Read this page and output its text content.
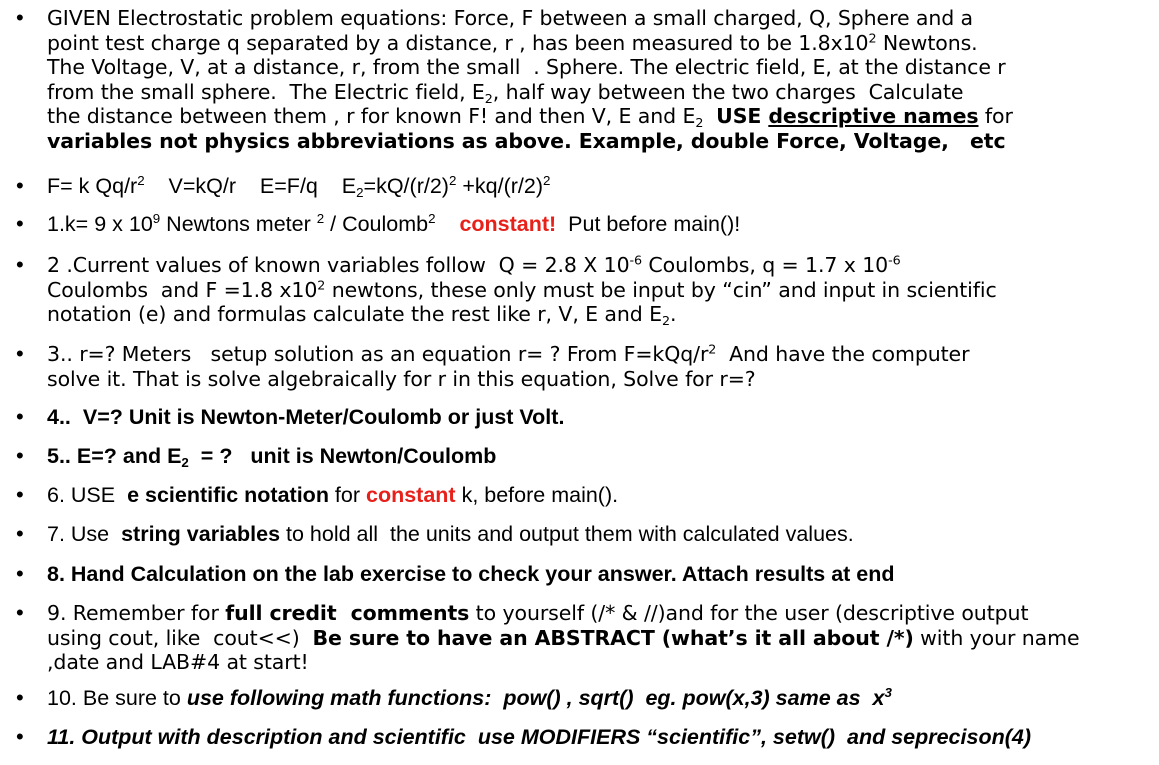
• GIVEN Electrostatic problem equations: Force, F between a small charged, Q, Sphere and a
point test charge q separated by a distance, r , has been measured to be $1.8x10^2$ Newtons.
The Voltage, V, at a distance, r, from the small  . Sphere. The electric field, E, at the distance r
from the small sphere.  The Electric field, $E_2$, half way between the two charges  Calculate
the distance between them , r for known F! and then V, E and $E_2$ USE descriptive names for
variables not physics abbreviations as above. Example, double Force, Voltage,   etc
• F= k $Qq/r^2$    V=kQ/r    E=F/q    $E_2=kQ/(r/2)^2 +kq/(r/2)^2$
• 1.k= 9 x $10^9$ Newtons meter $^2$ / Coulomb$^2$ constant!  Put before main()!
• 2 .Current values of known variables follow  Q = 2.8 X $10^{-6}$ Coulombs, q = 1.7 x $10^{-6}$
Coulombs  and F =1.8 $x10^2$ newtons, these only must be input by “cin” and input in scientific
notation (e) and formulas calculate the rest like r, V, E and $E_2$.
• 3.. r=? Meters   setup solution as an equation r= ? From $F=kQq/r^2$  And have the computer
solve it. That is solve algebraically for r in this equation, Solve for r=?
• 4..  V=? Unit is Newton-Meter/Coulomb or just Volt.
• 5.. E=? and $E_2$  = ?   unit is Newton/Coulomb
• 6. USE  e scientific notation for constant k, before main().
• 7. Use  string variables to hold all  the units and output them with calculated values.
• 8. Hand Calculation on the lab exercise to check your answer. Attach results at end
• 9. Remember for full credit  comments to yourself (/* & //)and for the user (descriptive output
using cout, like  cout<<)  Be sure to have an ABSTRACT (what’s it all about /*) with your name
,date and LAB#4 at start!
• 10. Be sure to use following math functions:  pow() , sqrt()  eg. pow(x,3) same as  $x^3$
• 11. Output with description and scientific  use MODIFIERS “scientific”, setw()  and seprecison(4)
